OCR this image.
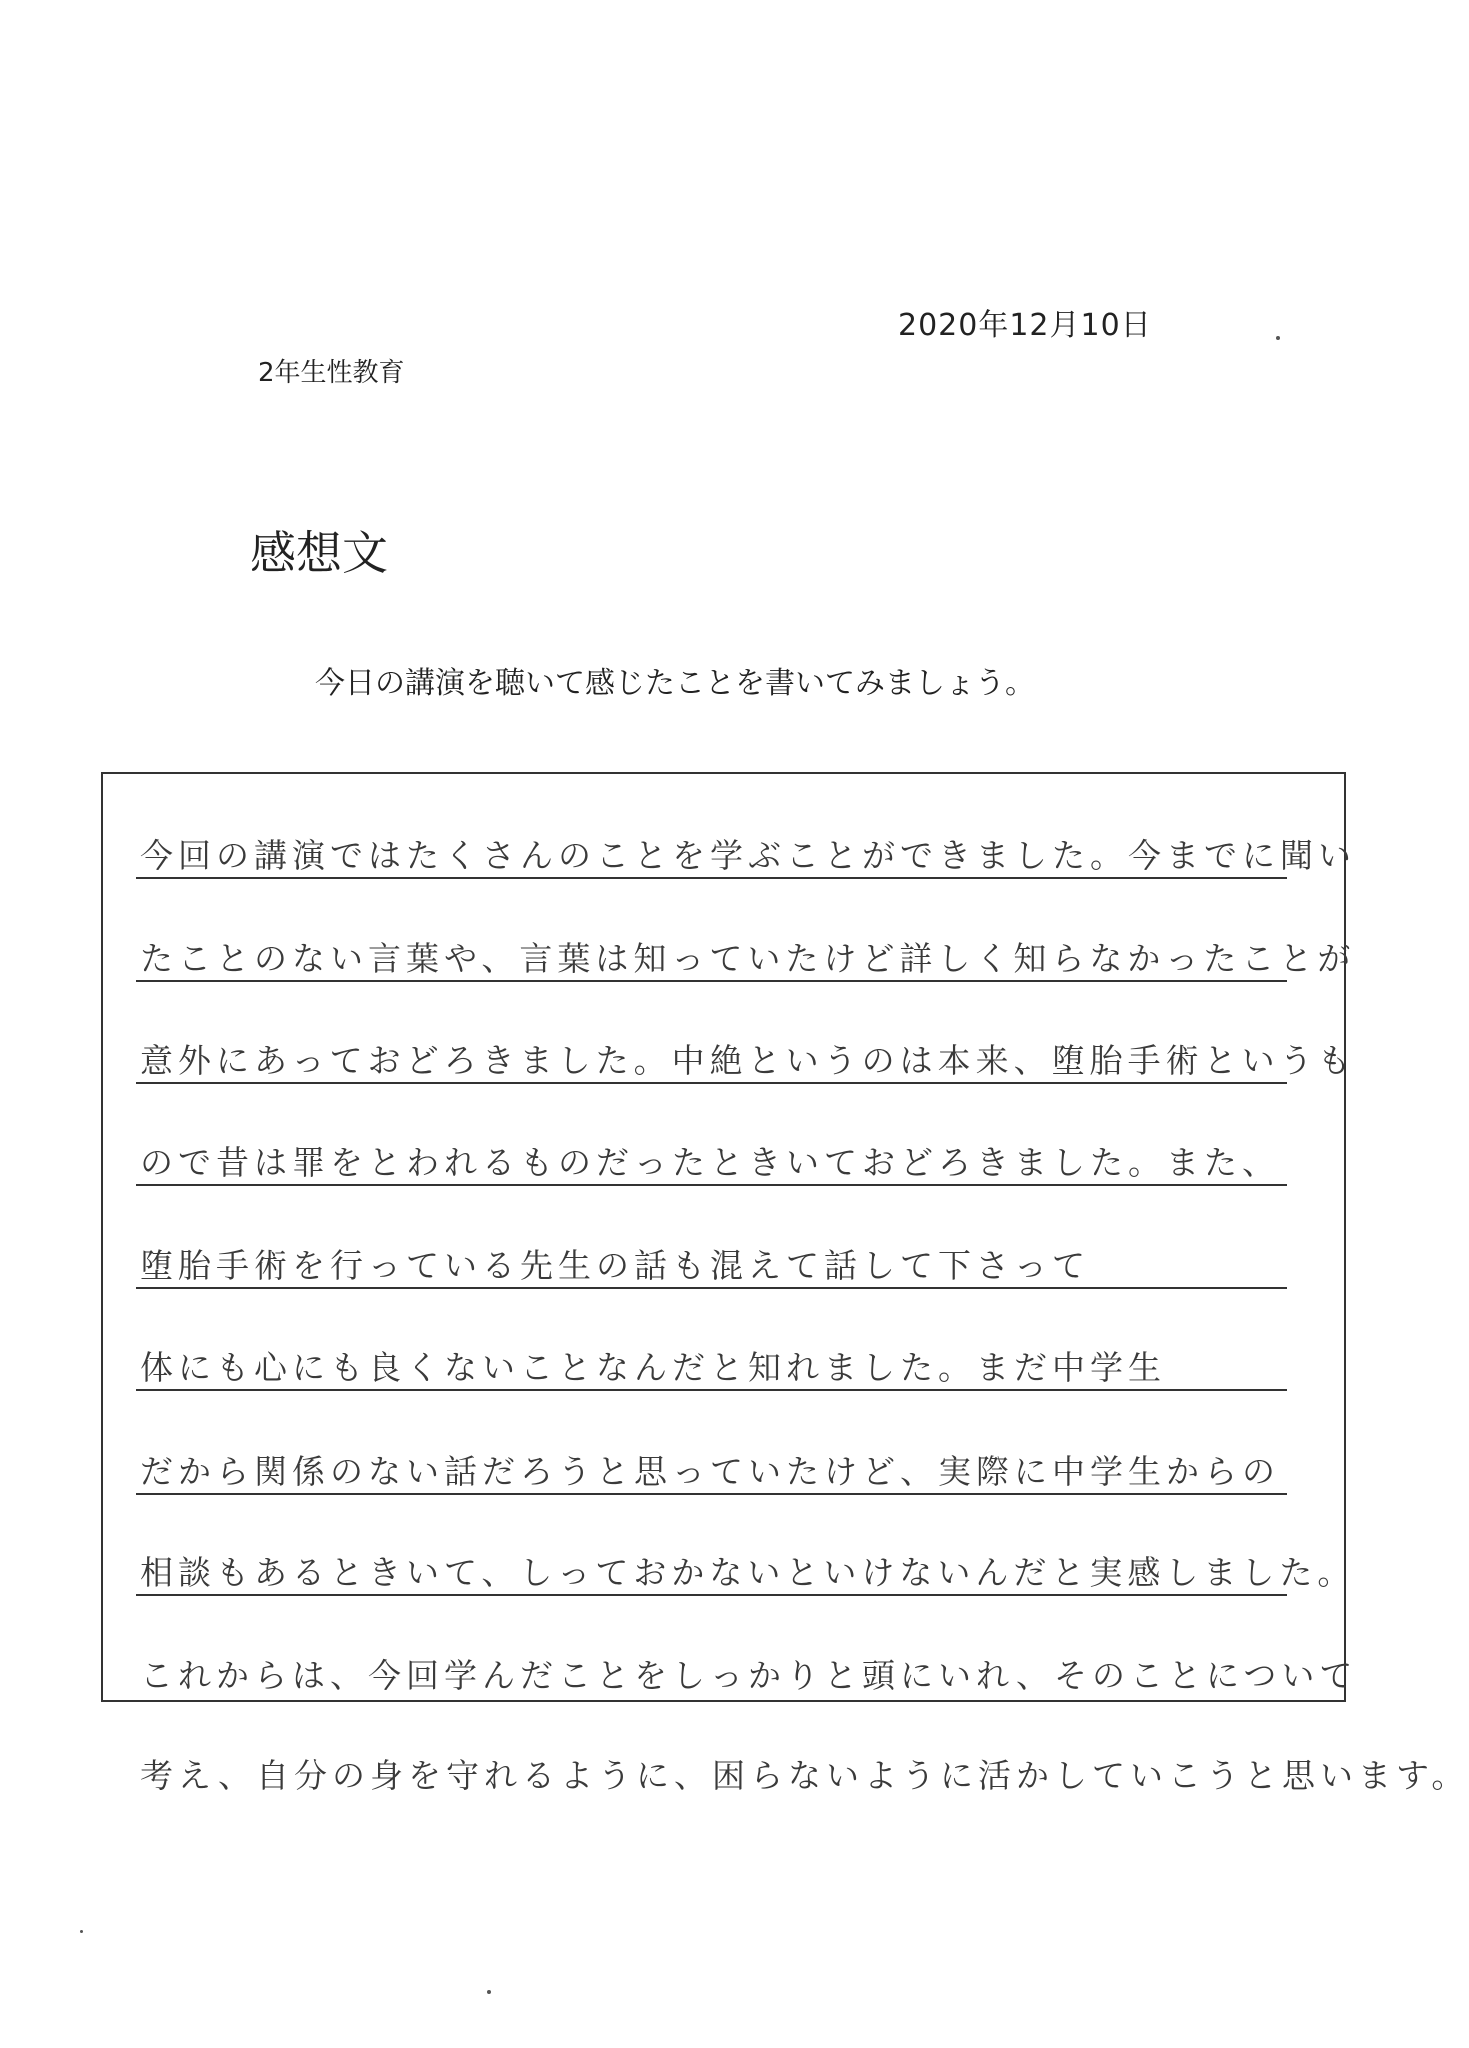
2020年12月10日
2年生性教育
感想文
今日の講演を聴いて感じたことを書いてみましょう。
今回の講演ではたくさんのことを学ぶことができました。今までに聞い
たことのない言葉や、言葉は知っていたけど詳しく知らなかったことが
意外にあっておどろきました。中絶というのは本来、堕胎手術というも
ので昔は罪をとわれるものだったときいておどろきました。また、
堕胎手術を行っている先生の話も混えて話して下さって
体にも心にも良くないことなんだと知れました。まだ中学生
だから関係のない話だろうと思っていたけど、実際に中学生からの
相談もあるときいて、しっておかないといけないんだと実感しました。
これからは、今回学んだことをしっかりと頭にいれ、そのことについて
考え、自分の身を守れるように、困らないように活かしていこうと思います。
